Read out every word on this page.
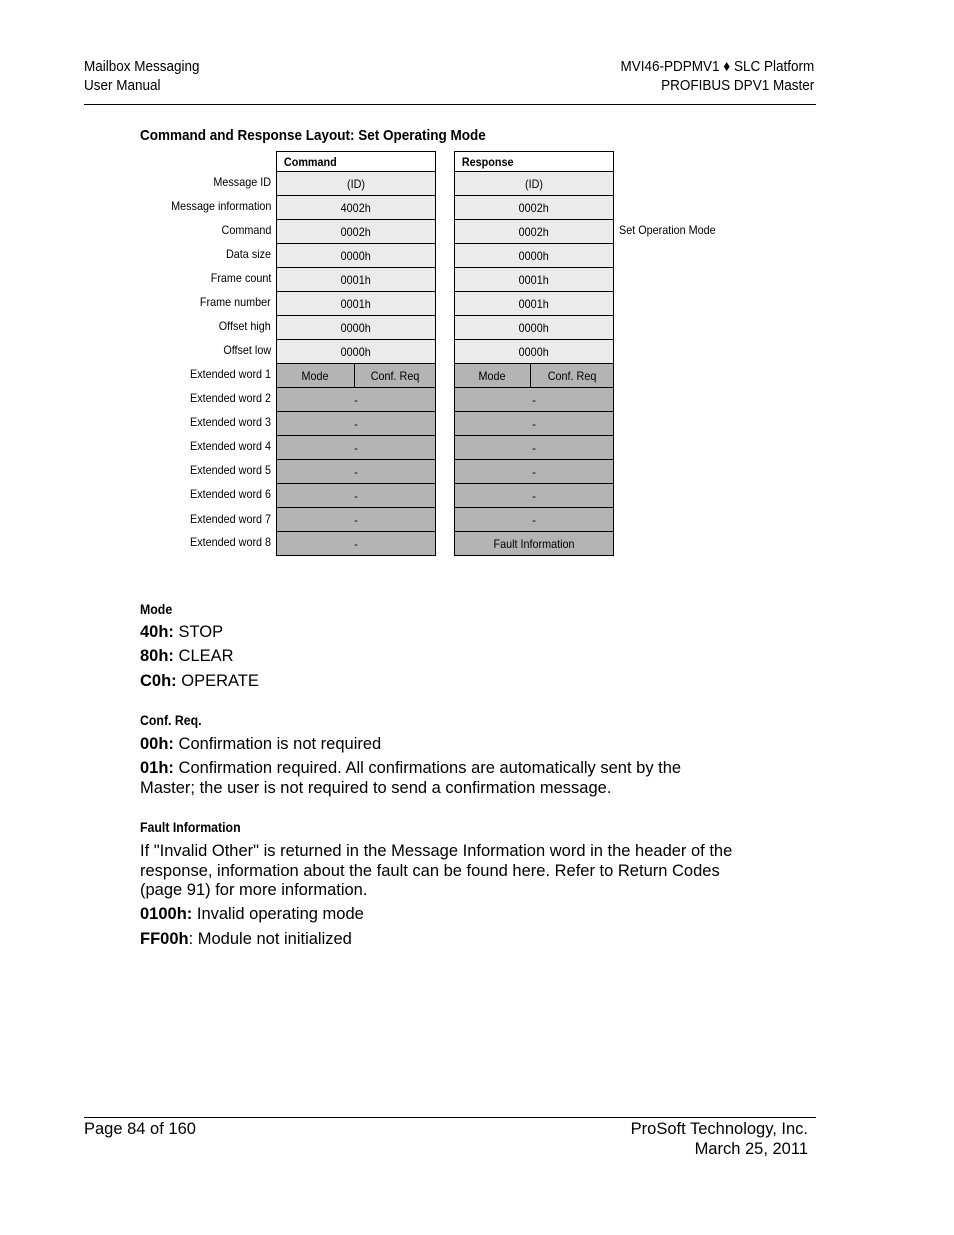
Mailbox Messaging
User Manual
MVI46-PDPMV1 ♦ SLC Platform
PROFIBUS DPV1 Master
Command and Response Layout: Set Operating Mode
Command	Response
Message ID	(ID)	(ID)
Message information	4002h	0002h
Command	0002h	0002h	Set Operation Mode
Data size	0000h	0000h
Frame count	0001h	0001h
Frame number	0001h	0001h
Offset high	0000h	0000h
Offset low	0000h	0000h
Extended word 1	Mode	Conf. Req	Mode	Conf. Req
Extended word 2	-	-
Extended word 3	-	-
Extended word 4	-	-
Extended word 5	-	-
Extended word 6	-	-
Extended word 7	-	-
Extended word 8	-	Fault Information
Mode
40h: STOP
80h: CLEAR
C0h: OPERATE
Conf. Req.
00h: Confirmation is not required
01h: Confirmation required. All confirmations are automatically sent by the Master; the user is not required to send a confirmation message.
Fault Information
If "Invalid Other" is returned in the Message Information word in the header of the response, information about the fault can be found here. Refer to Return Codes (page 91) for more information.
0100h: Invalid operating mode
FF00h: Module not initialized
Page 84 of 160	ProSoft Technology, Inc.
March 25, 2011
